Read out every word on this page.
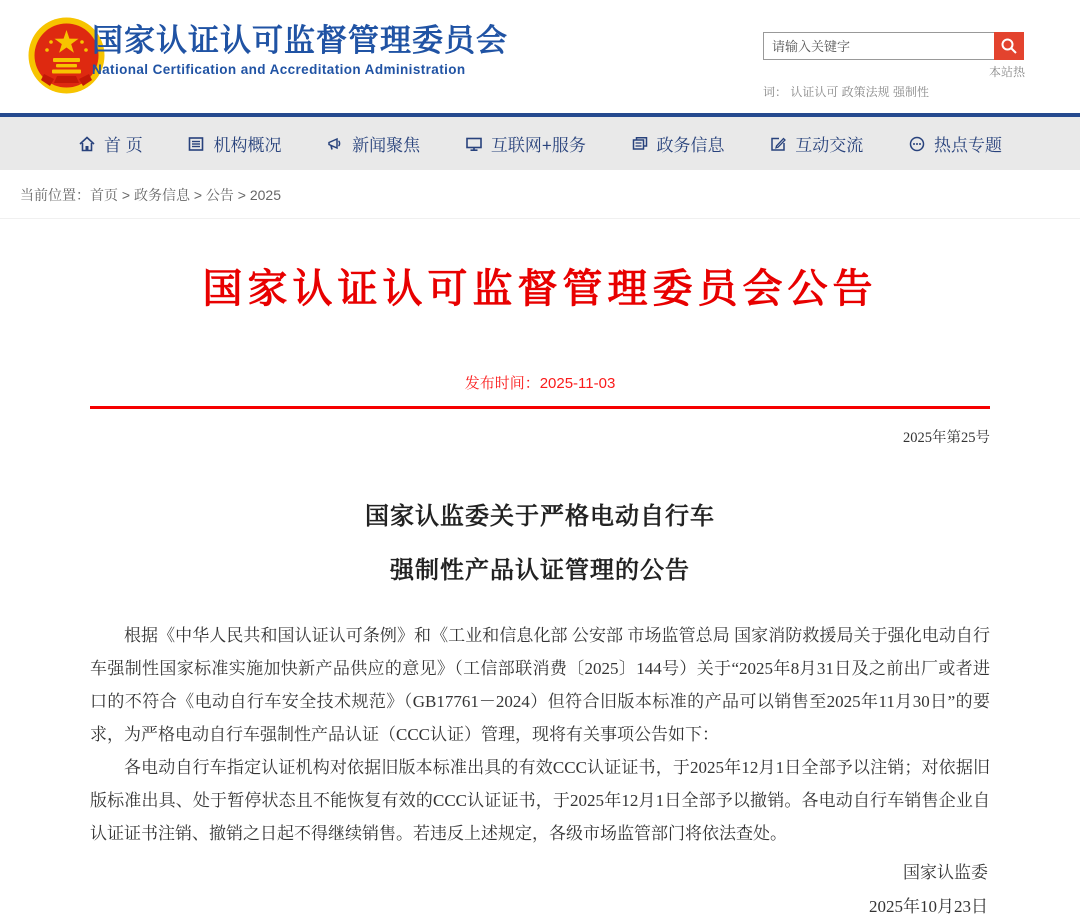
国家认证认可监督管理委员会
National Certification and Accreditation Administration
请输入关键字	本站热
词： 认证认可 政策法规 强制性
首 页	机构概况	新闻聚焦	互联网+服务	政务信息	互动交流	热点专题
当前位置：首页 > 政务信息 > 公告 > 2025
国家认证认可监督管理委员会公告
发布时间：2025-11-03
2025年第25号
国家认监委关于严格电动自行车
强制性产品认证管理的公告

根据《中华人民共和国认证认可条例》和《工业和信息化部 公安部 市场监管总局 国家消防救援局关于强化电动自行车强制性国家标准实施加快新产品供应的意见》（工信部联消费〔2025〕144号）关于“2025年8月31日及之前出厂或者进口的不符合《电动自行车安全技术规范》（GB17761－2024）但符合旧版本标准的产品可以销售至2025年11月30日”的要求，为严格电动自行车强制性产品认证（CCC认证）管理，现将有关事项公告如下：

各电动自行车指定认证机构对依据旧版本标准出具的有效CCC认证证书，于2025年12月1日全部予以注销；对依据旧版标准出具、处于暂停状态且不能恢复有效的CCC认证证书，于2025年12月1日全部予以撤销。各电动自行车销售企业自认证证书注销、撤销之日起不得继续销售。若违反上述规定，各级市场监管部门将依法查处。

国家认监委
2025年10月23日
